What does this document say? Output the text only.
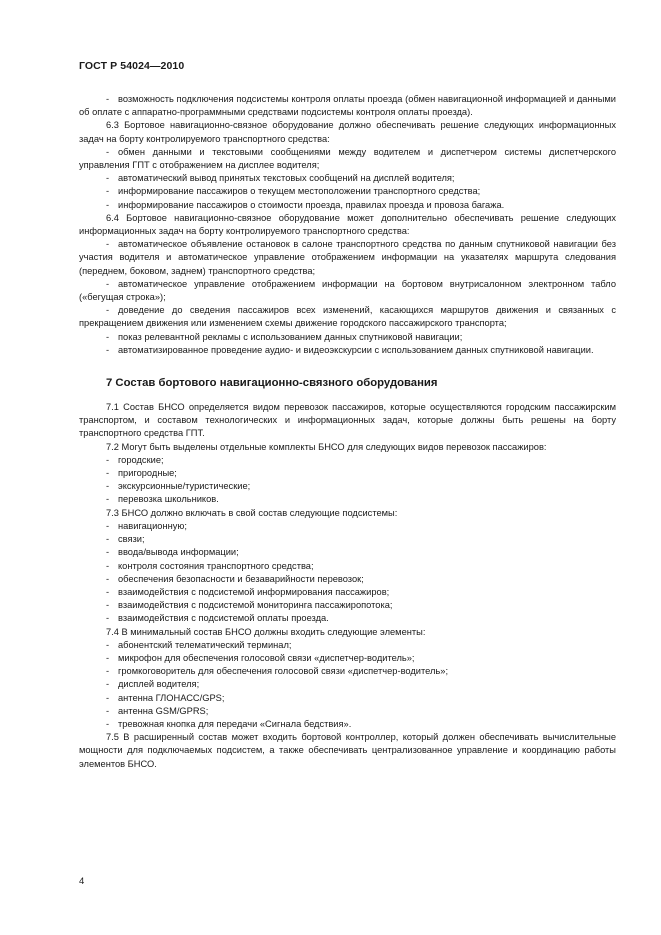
ГОСТ Р 54024—2010

- возможность подключения подсистемы контроля оплаты проезда (обмен навигационной информацией и данными об оплате с аппаратно-программными средствами подсистемы контроля оплаты проезда).

6.3 Бортовое навигационно-связное оборудование должно обеспечивать решение следующих информационных задач на борту контролируемого транспортного средства:

- обмен данными и текстовыми сообщениями между водителем и диспетчером системы диспетчерского управления ГПТ с отображением на дисплее водителя;

- автоматический вывод принятых текстовых сообщений на дисплей водителя;

- информирование пассажиров о текущем местоположении транспортного средства;

- информирование пассажиров о стоимости проезда, правилах проезда и провоза багажа.

6.4 Бортовое навигационно-связное оборудование может дополнительно обеспечивать решение следующих информационных задач на борту контролируемого транспортного средства:

- автоматическое объявление остановок в салоне транспортного средства по данным спутниковой навигации без участия водителя и автоматическое управление отображением информации на указателях маршрута следования (переднем, боковом, заднем) транспортного средства;

- автоматическое управление отображением информации на бортовом внутрисалонном электронном табло («бегущая строка»);

- доведение до сведения пассажиров всех изменений, касающихся маршрутов движения и связанных с прекращением движения или изменением схемы движение городского пассажирского транспорта;

- показ релевантной рекламы с использованием данных спутниковой навигации;

- автоматизированное проведение аудио- и видеоэкскурсии с использованием данных спутниковой навигации.

7 Состав бортового навигационно-связного оборудования

7.1 Состав БНСО определяется видом перевозок пассажиров, которые осуществляются городским пассажирским транспортом, и составом технологических и информационных задач, которые должны быть решены на борту транспортного средства ГПТ.

7.2 Могут быть выделены отдельные комплекты БНСО для следующих видов перевозок пассажиров:

- городские;

- пригородные;

- экскурсионные/туристические;

- перевозка школьников.

7.3 БНСО должно включать в свой состав следующие подсистемы:

- навигационную;

- связи;

- ввода/вывода информации;

- контроля состояния транспортного средства;

- обеспечения безопасности и безаварийности перевозок;

- взаимодействия с подсистемой информирования пассажиров;

- взаимодействия с подсистемой мониторинга пассажиропотока;

- взаимодействия с подсистемой оплаты проезда.

7.4 В минимальный состав БНСО должны входить следующие элементы:

- абонентский телематический терминал;

- микрофон для обеспечения голосовой связи «диспетчер-водитель»;

- громкоговоритель для обеспечения голосовой связи «диспетчер-водитель»;

- дисплей водителя;

- антенна ГЛОНАСС/GPS;

- антенна GSM/GPRS;

- тревожная кнопка для передачи «Сигнала бедствия».

7.5 В расширенный состав может входить бортовой контроллер, который должен обеспечивать вычислительные мощности для подключаемых подсистем, а также обеспечивать централизованное управление и координацию работы элементов БНСО.

4
